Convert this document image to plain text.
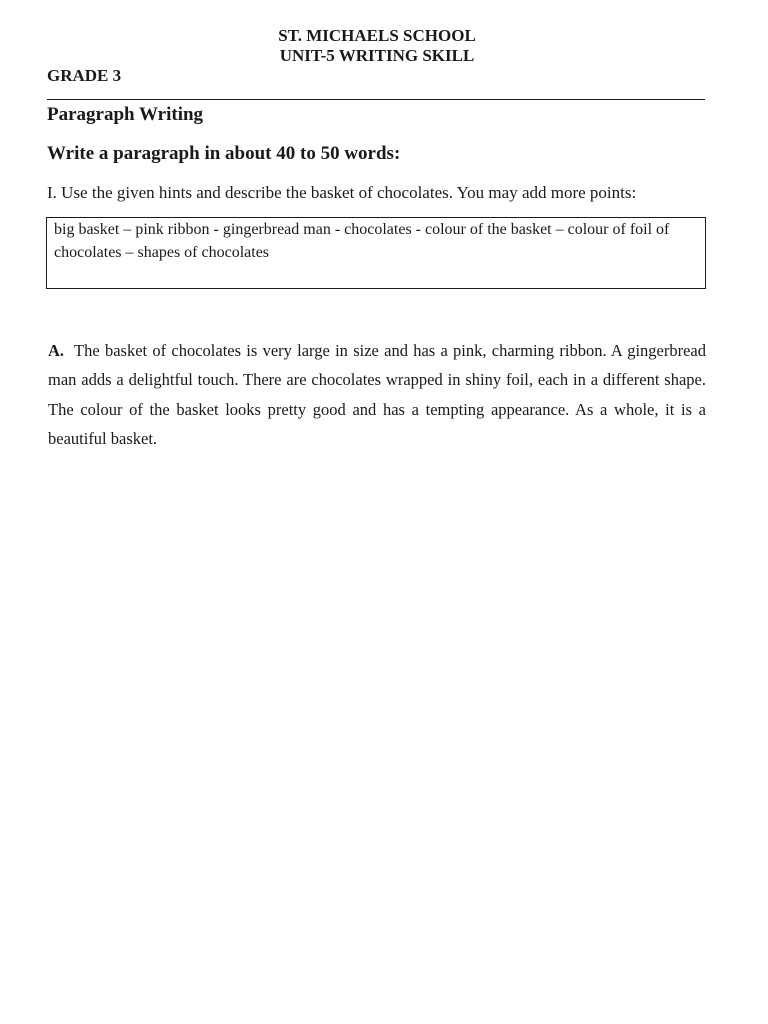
ST. MICHAELS SCHOOL
UNIT-5 WRITING SKILL
GRADE 3
Paragraph Writing
Write a paragraph in about 40 to 50 words:
I. Use the given hints and describe the basket of chocolates. You may add more points:
big basket – pink ribbon - gingerbread man - chocolates - colour of the basket – colour of foil of chocolates – shapes of chocolates

A. The basket of chocolates is very large in size and has a pink, charming ribbon. A gingerbread man adds a delightful touch. There are chocolates wrapped in shiny foil, each in a different shape. The colour of the basket looks pretty good and has a tempting appearance. As a whole, it is a beautiful basket.
